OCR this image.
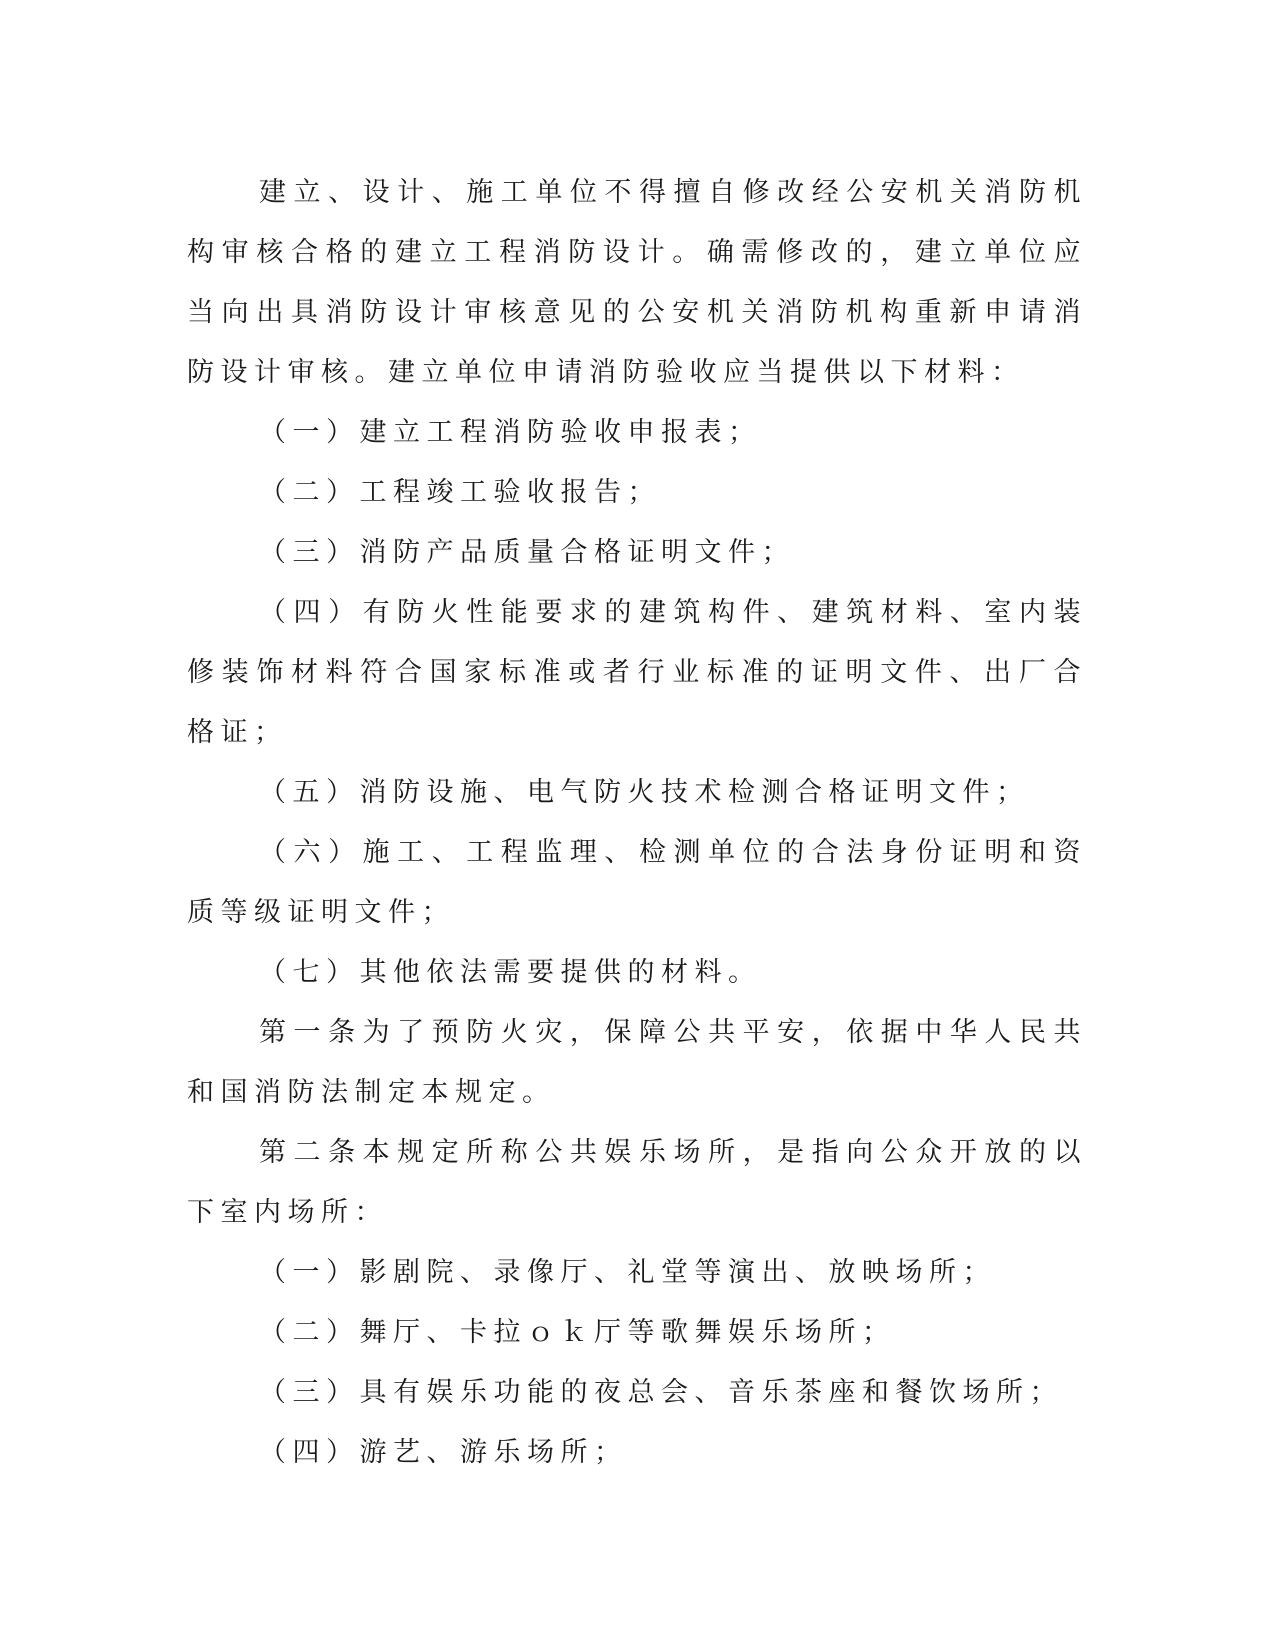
建立、设计、施工单位不得擅自修改经公安机关消防机构审核合格的建立工程消防设计。确需修改的，建立单位应当向出具消防设计审核意见的公安机关消防机构重新申请消防设计审核。建立单位申请消防验收应当提供以下材料：

（一）建立工程消防验收申报表；

（二）工程竣工验收报告；

（三）消防产品质量合格证明文件；

（四）有防火性能要求的建筑构件、建筑材料、室内装修装饰材料符合国家标准或者行业标准的证明文件、出厂合格证；

（五）消防设施、电气防火技术检测合格证明文件；

（六）施工、工程监理、检测单位的合法身份证明和资质等级证明文件；

（七）其他依法需要提供的材料。

第一条为了预防火灾，保障公共平安，依据中华人民共和国消防法制定本规定。

第二条本规定所称公共娱乐场所，是指向公众开放的以下室内场所：

（一）影剧院、录像厅、礼堂等演出、放映场所；

（二）舞厅、卡拉ｏｋ厅等歌舞娱乐场所；

（三）具有娱乐功能的夜总会、音乐茶座和餐饮场所；

（四）游艺、游乐场所；
